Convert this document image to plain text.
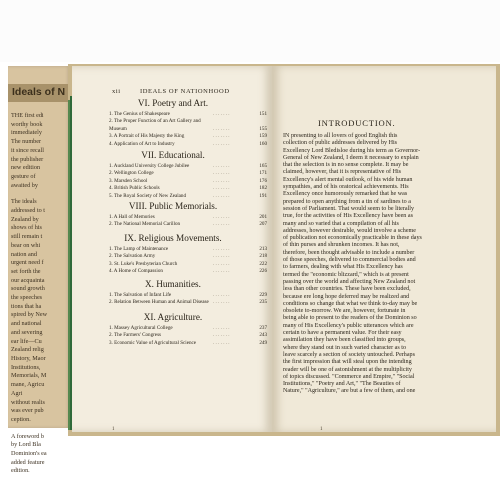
Ideals of N
THE first edi
worthy book
immediately
The number
it since recall
the publisher
new edition
gesture of
awaited by
The ideals
addressed to t
Zealand by
shows of his
still remain t
bear on whi
nation and
urgent need f
set forth the
our acquainta
sound growth
the speeches
tions that ha
spired by New
and national
and severing
ear life—Cu
Zealand relig
History, Maor
Institutions,
Memorials, M
mane, Agricu
Agri
without realis
was ever pub
ception.
A foreword b
by Lord Bla
Dominion's ea
added feature
edition.
xii	IDEALS OF NATIONHOOD
VI. Poetry and Art.
1. The Genius of Shakespeare	. . . . . . .	151
2. The Proper Function of an Art Gallery and
Museum	. . . . . . .	155
3. A Portrait of His Majesty the King	. . . . . . .	159
4. Application of Art to Industry	. . . . . . .	160
VII. Educational.
1. Auckland University College Jubilee	. . . . . . .	165
2. Wellington College	. . . . . . .	171
3. Marsden School	. . . . . . .	176
4. British Public Schools	. . . . . . .	182
5. The Royal Society of New Zealand	. . . . . . .	191
VIII. Public Memorials.
1. A Hall of Memories	. . . . . . .	201
2. The National Memorial Carillon	. . . . . . .	207
IX. Religious Movements.
1. The Lamp of Maintenance	. . . . . . .	213
2. The Salvation Army	. . . . . . .	218
3. St. Luke's Presbyterian Church	. . . . . . .	222
4. A Home of Compassion	. . . . . . .	226
X. Humanities.
1. The Salvation of Infant Life	. . . . . . .	229
2. Relation Between Human and Animal Disease . . . . . . .	235
XI. Agriculture.
1. Massey Agricultural College	. . . . . . .	237
2. The Farmers' Congress	. . . . . . .	243
3. Economic Value of Agricultural Science	. . . . . . .	249
INTRODUCTION.
IN presenting to all lovers of good English this
collection of public addresses delivered by His
Excellency Lord Bledisloe during his term as Governor-
General of New Zealand, I deem it necessary to explain
that the selection is in no sense complete. It may be
claimed, however, that it is representative of His
Excellency's alert mental outlook, of his wide human
sympathies, and of his oratorical achievements. His
Excellency once humorously remarked that he was
prepared to open anything from a tin of sardines to a
session of Parliament. That would seem to be literally
true, for the activities of His Excellency have been as
many and so varied that a compilation of all his
addresses, however desirable, would involve a scheme
of publication not economically practicable in these days
of thin purses and shrunken incomes. It has not,
therefore, been thought advisable to include a number
of those speeches, delivered to commercial bodies and
to farmers, dealing with what His Excellency has
termed the "economic blizzard," which is at present
passing over the world and affecting New Zealand not
less than other countries. These have been excluded,
because ere long hope deferred may be realized and
conditions so change that what we think to-day may be
obsolete to-morrow. We are, however, fortunate in
being able to present to the readers of the Dominion so
many of His Excellency's public utterances which are
certain to have a permanent value. For their easy
assimilation they have been classified into groups,
where they stand out in such varied character as to
leave scarcely a section of society untouched. Perhaps
the first impression that will steal upon the intending
reader will be one of astonishment at the multiplicity
of topics discussed. "Commerce and Empire," "Social
Institutions," "Poetry and Art," "The Beauties of
Nature," "Agriculture," are but a few of them, and one
1	1
